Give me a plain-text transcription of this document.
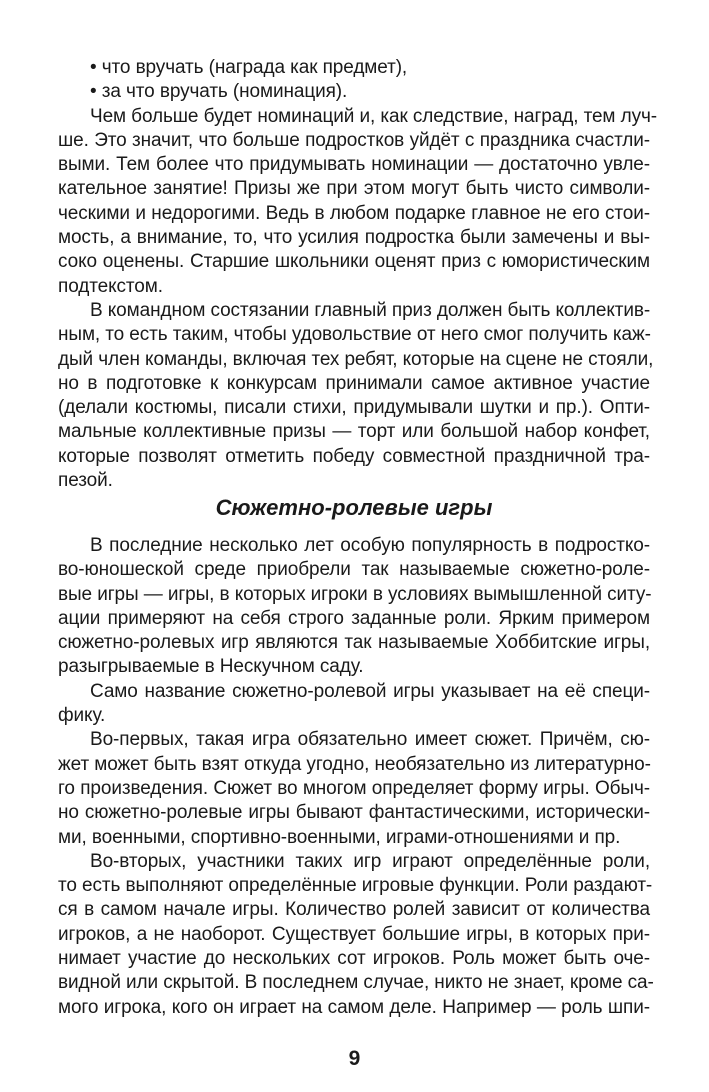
• что вручать (награда как предмет),
• за что вручать (номинация).
Чем больше будет номинаций и, как следствие, наград, тем луч-
ше. Это значит, что больше подростков уйдёт с праздника счастли-
выми. Тем более что придумывать номинации — достаточно увле-
кательное занятие! Призы же при этом могут быть чисто символи-
ческими и недорогими. Ведь в любом подарке главное не его стои-
мость, а внимание, то, что усилия подростка были замечены и вы-
соко оценены. Старшие школьники оценят приз с юмористическим
подтекстом.
В командном состязании главный приз должен быть коллектив-
ным, то есть таким, чтобы удовольствие от него смог получить каж-
дый член команды, включая тех ребят, которые на сцене не стояли,
но в подготовке к конкурсам принимали самое активное участие
(делали костюмы, писали стихи, придумывали шутки и пр.). Опти-
мальные коллективные призы — торт или большой набор конфет,
которые позволят отметить победу совместной праздничной тра-
пезой.
Сюжетно-ролевые игры
В последние несколько лет особую популярность в подростко-
во-юношеской среде приобрели так называемые сюжетно-роле-
вые игры — игры, в которых игроки в условиях вымышленной ситу-
ации примеряют на себя строго заданные роли. Ярким примером
сюжетно-ролевых игр являются так называемые Хоббитские игры,
разыгрываемые в Нескучном саду.
Само название сюжетно-ролевой игры указывает на её специ-
фику.
Во-первых, такая игра обязательно имеет сюжет. Причём, сю-
жет может быть взят откуда угодно, необязательно из литературно-
го произведения. Сюжет во многом определяет форму игры. Обыч-
но сюжетно-ролевые игры бывают фантастическими, историчеcки-
ми, военными, спортивно-военными, играми-отношениями и пр.
Во-вторых, участники таких игр играют определённые роли,
то есть выполняют определённые игровые функции. Роли раздают-
ся в самом начале игры. Количество ролей зависит от количества
игроков, а не наоборот. Существует большие игры, в которых при-
нимает участие до нескольких сот игроков. Роль может быть оче-
видной или скрытой. В последнем случае, никто не знает, кроме са-
мого игрока, кого он играет на самом деле. Например — роль шпи-
9
